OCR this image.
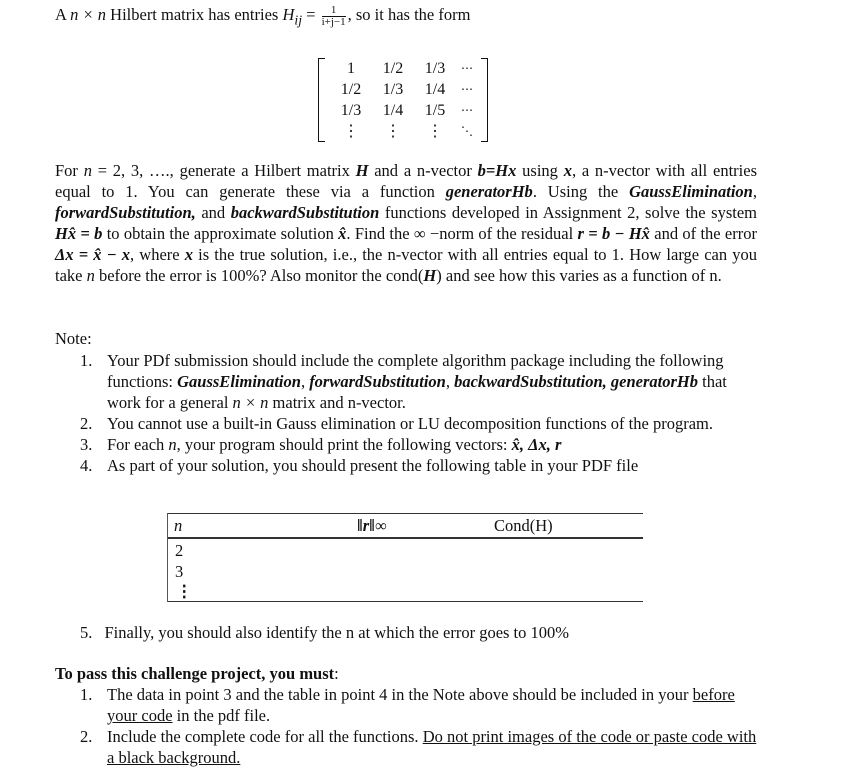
A n × n Hilbert matrix has entries $H_{ij} = \frac{1}{i+j-1}$ , so it has the form
1	1/2	1/3	⋯
1/2	1/3	1/4	⋯
1/3	1/4	1/5	⋯
⋮	⋮	⋮	⋱

For n = 2, 3, …., generate a Hilbert matrix H and a n-vector b=Hx using x, a n-vector with all entries equal to 1. You can generate these via a function generatorHb. Using the GaussElimination, forwardSubstitution, and backwardSubstitution functions developed in Assignment 2, solve the system Hx̂ = b to obtain the approximate solution x̂. Find the ∞ −norm of the residual r = b − Hx̂ and of the error Δx = x̂ − x, where x is the true solution, i.e., the n-vector with all entries equal to 1. How large can you take n before the error is 100%? Also monitor the cond(H) and see how this varies as a function of n.

Note:
1. Your PDf submission should include the complete algorithm package including the following functions: GaussElimination, forwardSubstitution, backwardSubstitution, generatorHb that work for a general n × n matrix and n-vector.
2. You cannot use a built-in Gauss elimination or LU decomposition functions of the program.
3. For each n, your program should print the following vectors: x̂, Δx, r
4. As part of your solution, you should present the following table in your PDF file
n	‖r‖∞	Cond(H)
2
3
⋮
5. Finally, you should also identify the n at which the error goes to 100%
To pass this challenge project, you must:
1. The data in point 3 and the table in point 4 in the Note above should be included in your before your code in the pdf file.
2. Include the complete code for all the functions. Do not print images of the code or paste code with a black background.
